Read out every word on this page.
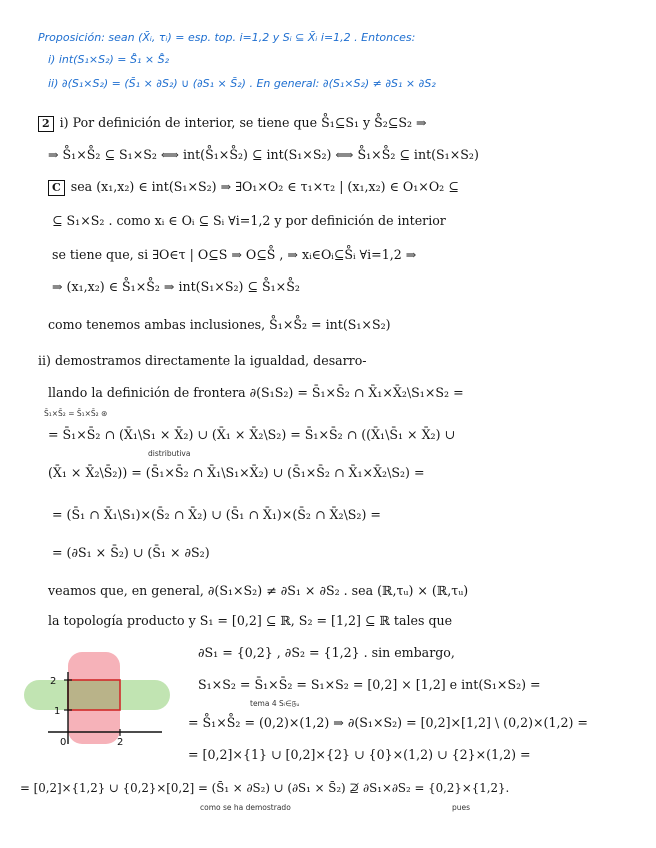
Proposición: sean (X̄ᵢ, τᵢ) = esp. top. i=1,2 y Sᵢ ⊆ X̄ᵢ i=1,2 . Entonces:
i) int(S₁×S₂) = S̊₁ × S̊₂
ii) ∂(S₁×S₂) = (S̄₁ × ∂S₂) ∪ (∂S₁ × S̄₂) . En general: ∂(S₁×S₂) ≠ ∂S₁ × ∂S₂
2 i) Por definición de interior, se tiene que S̊₁⊆S₁ y S̊₂⊆S₂ ⇒
⇒ S̊₁×S̊₂ ⊆ S₁×S₂ ⟺ int(S̊₁×S̊₂) ⊆ int(S₁×S₂) ⟺ S̊₁×S̊₂ ⊆ int(S₁×S₂)
C sea (x₁,x₂) ∈ int(S₁×S₂) ⇒ ∃O₁×O₂ ∈ τ₁×τ₂ | (x₁,x₂) ∈ O₁×O₂ ⊆
⊆ S₁×S₂ . como xᵢ ∈ Oᵢ ⊆ Sᵢ ∀i=1,2 y por definición de interior
se tiene que, si ∃O∈τ | O⊆S ⇒ O⊆S̊ , ⇒ xᵢ∈Oᵢ⊆S̊ᵢ ∀i=1,2 ⇒
⇒ (x₁,x₂) ∈ S̊₁×S̊₂ ⇒ int(S₁×S₂) ⊆ S̊₁×S̊₂
como tenemos ambas inclusiones, S̊₁×S̊₂ = int(S₁×S₂)
ii) demostramos directamente la igualdad, desarro-
llando la definición de frontera ∂(S₁S₂) = S̄₁×S̄₂ ∩ X̄₁×X̄₂\S₁×S₂ =
S̄₁×S̄₂ = S̄₁×S̄₂ ⊛
= S̄₁×S̄₂ ∩ (X̄₁\S₁ × X̄₂) ∪ (X̄₁ × X̄₂\S₂) = S̄₁×S̄₂ ∩ ((X̄₁\S̄₁ × X̄₂) ∪
distributiva
(X̄₁ × X̄₂\S̄₂)) = (S̄₁×S̄₂ ∩ X̄₁\S₁×X̄₂) ∪ (S̄₁×S̄₂ ∩ X̄₁×X̄₂\S₂) =
= (S̄₁ ∩ X̄₁\S₁)×(S̄₂ ∩ X̄₂) ∪ (S̄₁ ∩ X̄₁)×(S̄₂ ∩ X̄₂\S₂) =
= (∂S₁ × S̄₂) ∪ (S̄₁ × ∂S₂)
veamos que, en general, ∂(S₁×S₂) ≠ ∂S₁ × ∂S₂ . sea (ℝ,τᵤ) × (ℝ,τᵤ)
la topología producto y S₁ = [0,2] ⊆ ℝ, S₂ = [1,2] ⊆ ℝ tales que
∂S₁ = {0,2} , ∂S₂ = {1,2} . sin embargo,
S₁×S₂ = S̄₁×S̄₂ = S₁×S₂ = [0,2] × [1,2] e int(S₁×S₂) =
tema 4 Sᵢ∈𝔉ᵤ
= S̊₁×S̊₂ = (0,2)×(1,2) ⇒ ∂(S₁×S₂) = [0,2]×[1,2] \ (0,2)×(1,2) =
= [0,2]×{1} ∪ [0,2]×{2} ∪ {0}×(1,2) ∪ {2}×(1,2) =
= [0,2]×{1,2} ∪ {0,2}×[0,2] = (S̄₁ × ∂S₂) ∪ (∂S₁ × S̄₂) ⊉ ∂S₁×∂S₂ = {0,2}×{1,2}.
como se ha demostrado	pues
2
1
0	2
